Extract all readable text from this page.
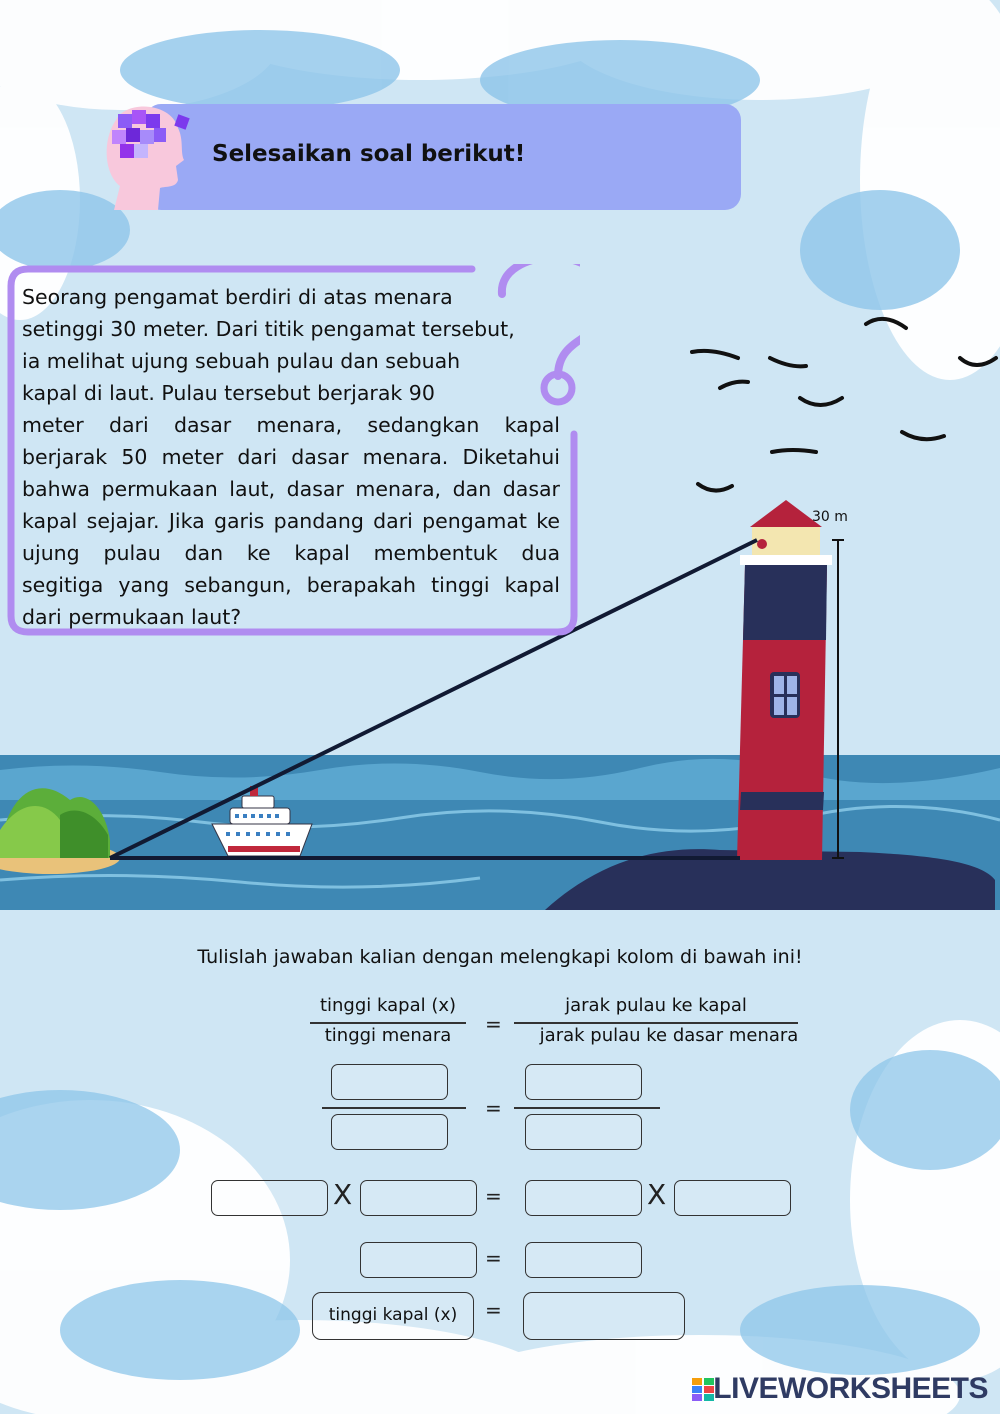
Selesaikan soal berikut!
30 m
Seorang pengamat berdiri di atas menara
setinggi 30 meter. Dari titik pengamat tersebut,
ia melihat ujung sebuah pulau dan sebuah
kapal di laut. Pulau tersebut berjarak 90
meter dari dasar menara, sedangkan kapal
berjarak 50 meter dari dasar menara. Diketahui
bahwa permukaan laut, dasar menara, dan dasar
kapal sejajar. Jika garis pandang dari pengamat ke
ujung pulau dan ke kapal membentuk dua
segitiga yang sebangun, berapakah tinggi kapal
dari permukaan laut?
Tulislah jawaban kalian dengan melengkapi kolom di bawah ini!
tinggi kapal (x)
tinggi menara	=
jarak pulau ke kapal
jarak pulau ke dasar menara
=
X	=	X
=
tinggi kapal (x)	=
LIVEWORKSHEETS
